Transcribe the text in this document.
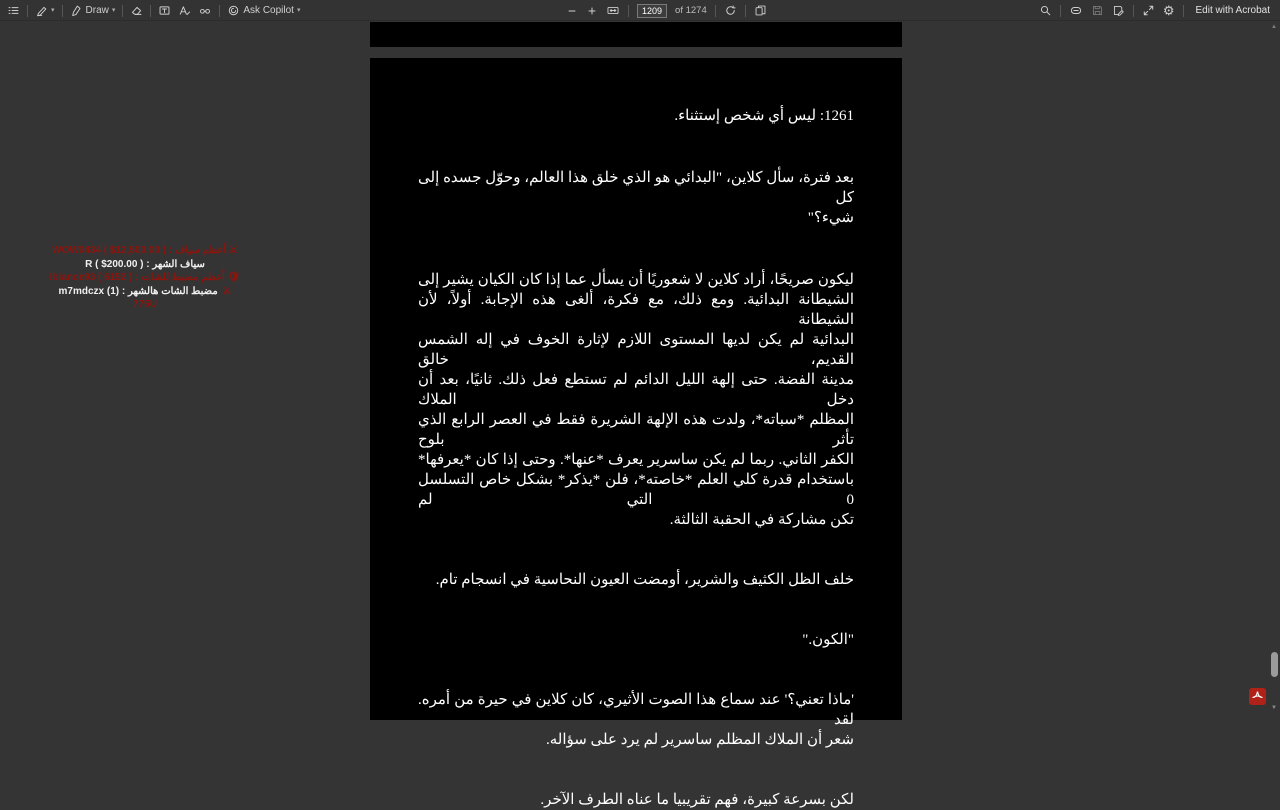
▾	Draw ▾	Ask Copilot ▾	1209	of 1274	⚙	Edit with Acrobat
⚔ أعظم سياف : WOW0434 ( $12,500.00 )
سياف الشهر : R ( $200.00 )
🛡 أعظم مضبط للشات : Ibiance93 ( 6152 )
⚔ مضبط الشات هالشهر : m7mdczx (1) 775U
1261: ليس أي شخص إستثناء.
بعد فترة، سأل كلاين، "البدائي هو الذي خلق هذا العالم، وحوّل جسده إلى كل
شيء؟"
ليكون صريحًا، أراد كلاين لا شعوريًا أن يسأل عما إذا كان الكيان يشير إلى
الشيطانة البدائية. ومع ذلك، مع فكرة، ألغى هذه الإجابة. أولاً، لأن الشيطانة
البدائية لم يكن لديها المستوى اللازم لإثارة الخوف في إله الشمس القديم، خالق
مدينة الفضة. حتى إلهة الليل الدائم لم تستطع فعل ذلك. ثانيًا، بعد أن دخل الملاك
المظلم *سباته*، ولدت هذه الإلهة الشريرة فقط في العصر الرابع الذي تأثر بلوح
الكفر الثاني. ربما لم يكن ساسرير يعرف *عنها*. وحتى إذا كان *يعرفها*
باستخدام قدرة كلي العلم *خاصته*، فلن *يذكر* بشكل خاص التسلسل 0 التي لم
تكن مشاركة في الحقبة الثالثة.
خلف الظل الكثيف والشرير، أومضت العيون النحاسية في انسجام تام.
"الكون."
'ماذا تعني؟' عند سماع هذا الصوت الأثيري، كان كلاين في حيرة من أمره. لقد
شعر أن الملاك المظلم ساسرير لم يرد على سؤاله.
لكن بسرعة كبيرة، فهم تقريبيا ما عناه الطرف الآخر.
▲
▼
